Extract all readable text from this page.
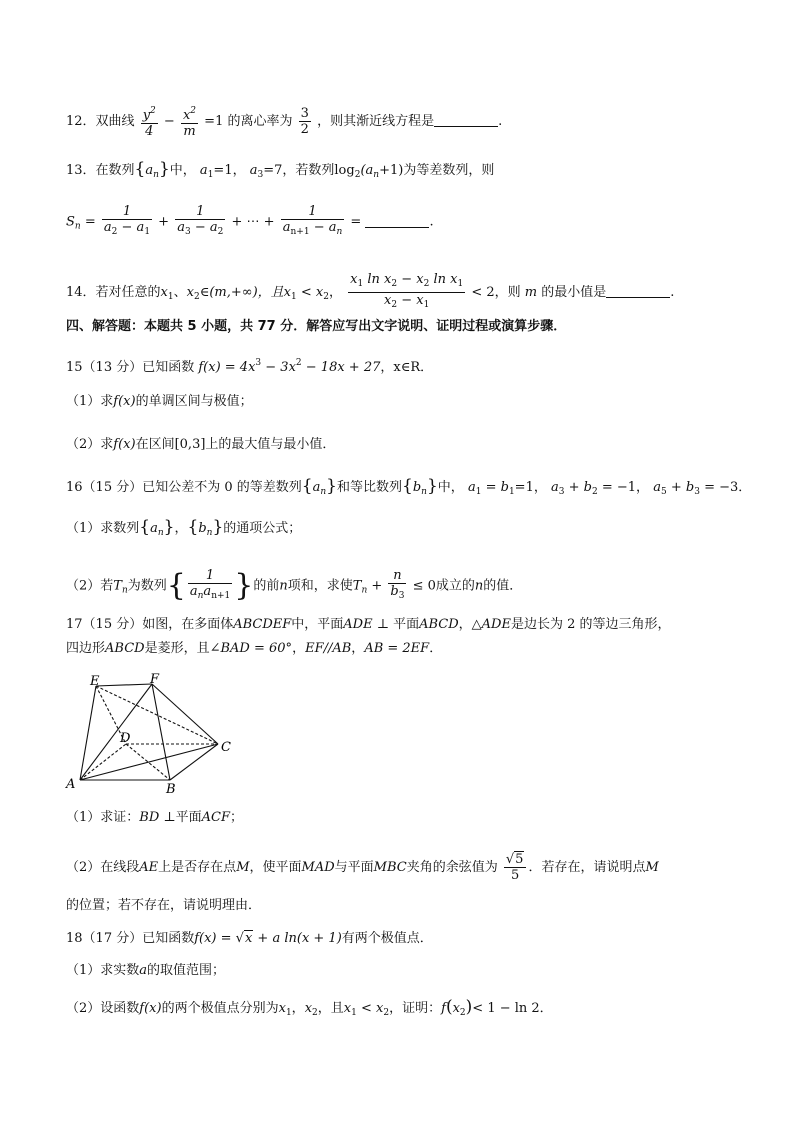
12．双曲线 $\frac{y^2}{4} - \frac{x^2}{m} =1$ 的离心率为 $\frac{3}{2}$ ，则其渐近线方程是	.
13．在数列$\{a_n\}$中， $a_1=1$， $a_3=7$，若数列$\log_2(a_n+1)$为等差数列，则
$S_n = \frac{1}{a_2 - a_1} + \frac{1}{a_3 - a_2}$ + ⋯ + $\frac{1}{a_{n+1} - a_n}$ =	.
14．若对任意的$x_1$、$x_2\in(m,+\infty)$，且$x_1 < x_2$， $\frac{x_1 \ln x_2 - x_2 \ln x_1}{x_2 - x_1} < 2$，则 m 的最小值是	.
四、解答题：本题共 5 小题，共 77 分．解答应写出文字说明、证明过程或演算步骤．
15（13 分）已知函数 $f(x) = 4x^3 - 3x^2 - 18x + 27$，x∈R．
（1）求f(x)的单调区间与极值；
（2）求f(x)在区间[0,3]上的最大值与最小值．
16（15 分）已知公差不为 0 的等差数列$\{a_n\}$和等比数列$\{b_n\}$中， $a_1 = b_1=1$， $a_3 + b_2 = -1$， $a_5 + b_3 = -3$．
（1）求数列$\{a_n\}$，$\{b_n\}$的通项公式；
（2）若$T_n$为数列{ $\frac{1}{a_na_{n+1}}$ }的前n项和，求使$T_n + \frac{n}{b_3} \le 0$成立的n的值．
17（15 分）如图，在多面体ABCDEF中，平面ADE ⊥ 平面ABCD，△ADE是边长为 2 的等边三角形，
四边形ABCD是菱形，且∠BAD = 60°，EF//AB，AB = 2EF．
E	F
D
C
A	B
（1）求证：BD ⊥平面ACF；
（2）在线段AE上是否存在点M，使平面MAD与平面MBC夹角的余弦值为 $\frac{√5}{5}$ ．若存在，请说明点M
的位置；若不存在，请说明理由．
18（17 分）已知函数f(x) = √x + a ln(x + 1)有两个极值点．
（1）求实数a的取值范围；
（2）设函数f(x)的两个极值点分别为$x_1$，$x_2$，且$x_1 < x_2$，证明：$f(x_2)< 1 - \ln 2$．
